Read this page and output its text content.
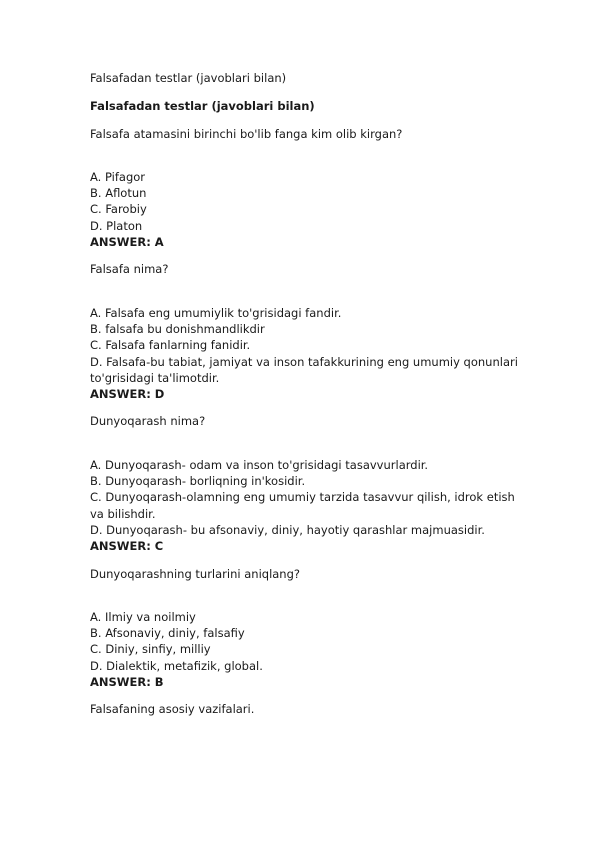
Falsafadan testlar (javoblari bilan)

Falsafadan testlar (javoblari bilan)

Falsafa atamasini birinchi bo'lib fanga kim olib kirgan?

A. Pifagor
B. Aflotun
C. Farobiy
D. Platon

ANSWER: A

Falsafa nima?

A. Falsafa eng umumiylik to'grisidagi fandir.
B. falsafa bu donishmandlikdir
C. Falsafa fanlarning fanidir.
D. Falsafa-bu tabiat, jamiyat va inson tafakkurining eng umumiy qonunlari to'grisidagi ta'limotdir.

ANSWER: D

Dunyoqarash nima?

A. Dunyoqarash- odam va inson to'grisidagi tasavvurlardir.
B. Dunyoqarash- borliqning in'kosidir.
C. Dunyoqarash-olamning eng umumiy tarzida tasavvur qilish, idrok etish va bilishdir.
D. Dunyoqarash- bu afsonaviy, diniy, hayotiy qarashlar majmuasidir.

ANSWER: C

Dunyoqarashning turlarini aniqlang?

A. Ilmiy va noilmiy
B. Afsonaviy, diniy, falsafiy
C. Diniy, sinfiy, milliy
D. Dialektik, metafizik, global.

ANSWER: B

Falsafaning asosiy vazifalari.
